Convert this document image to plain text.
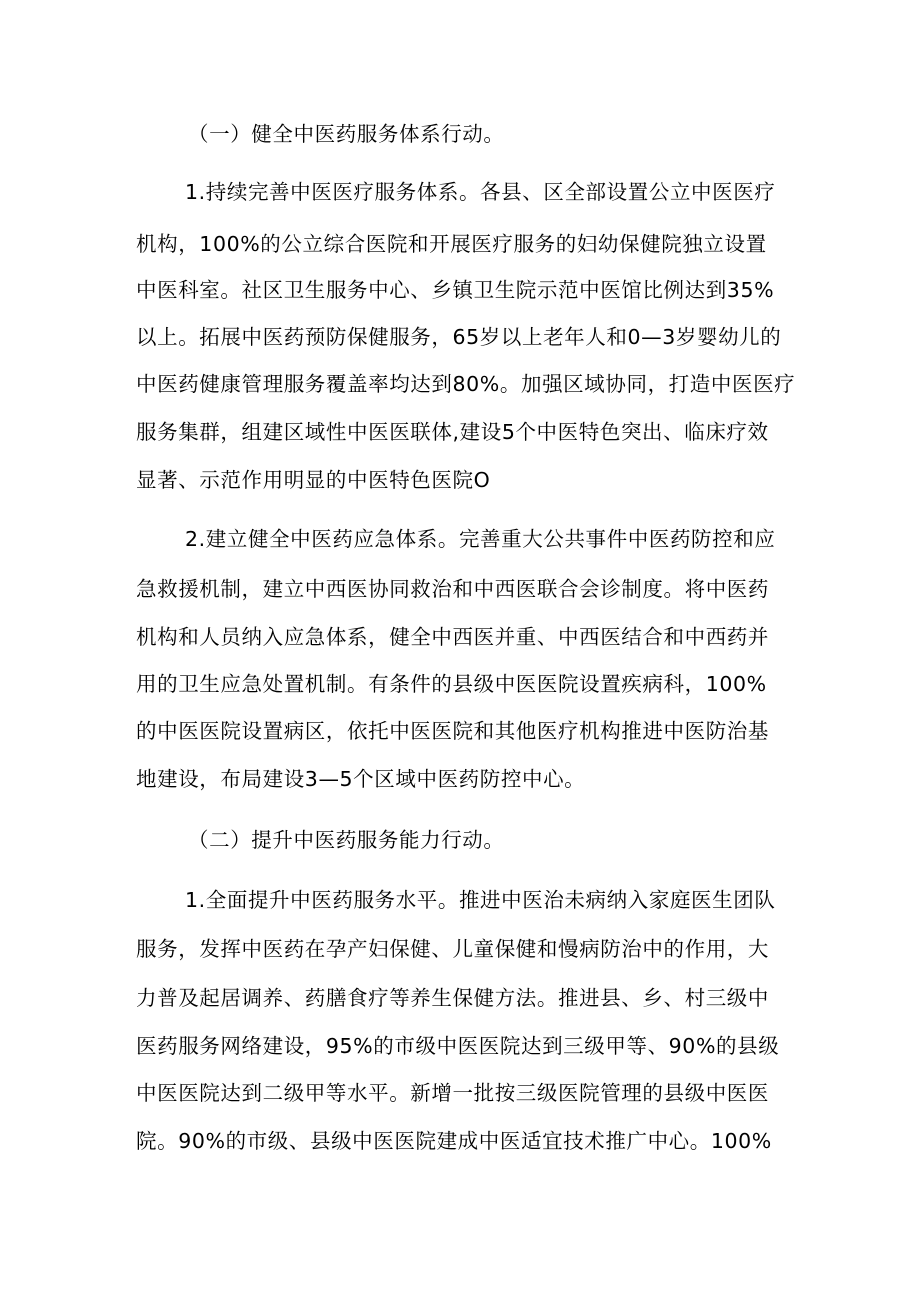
（一）健全中医药服务体系行动。
1.持续完善中医医疗服务体系。各县、区全部设置公立中医医疗
机构，100%的公立综合医院和开展医疗服务的妇幼保健院独立设置
中医科室。社区卫生服务中心、乡镇卫生院示范中医馆比例达到35%
以上。拓展中医药预防保健服务，65岁以上老年人和0—3岁婴幼儿的
中医药健康管理服务覆盖率均达到80%。加强区域协同，打造中医医疗
服务集群，组建区域性中医医联体,建设5个中医特色突出、临床疗效
显著、示范作用明显的中医特色医院O
2.建立健全中医药应急体系。完善重大公共事件中医药防控和应
急救援机制，建立中西医协同救治和中西医联合会诊制度。将中医药
机构和人员纳入应急体系，健全中西医并重、中西医结合和中西药并
用的卫生应急处置机制。有条件的县级中医医院设置疾病科，100%
的中医医院设置病区，依托中医医院和其他医疗机构推进中医防治基
地建设，布局建设3—5个区域中医药防控中心。
（二）提升中医药服务能力行动。
1.全面提升中医药服务水平。推进中医治未病纳入家庭医生团队
服务，发挥中医药在孕产妇保健、儿童保健和慢病防治中的作用，大
力普及起居调养、药膳食疗等养生保健方法。推进县、乡、村三级中
医药服务网络建设，95%的市级中医医院达到三级甲等、90%的县级
中医医院达到二级甲等水平。新增一批按三级医院管理的县级中医医
院。90%的市级、县级中医医院建成中医适宜技术推广中心。100%
